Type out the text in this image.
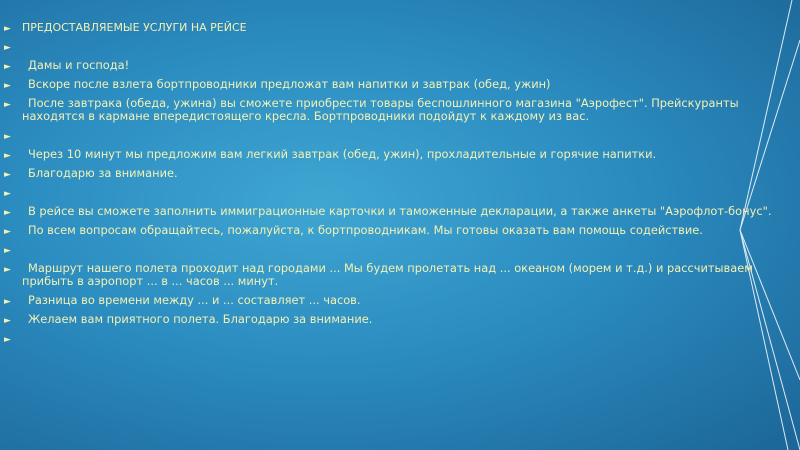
► ПРЕДОСТАВЛЯЕМЫЕ УСЛУГИ НА РЕЙСЕ
►
►	Дамы и господа!
►	Вскоре после взлета бортпроводники предложат вам напитки и завтрак (обед, ужин)
►	После завтрака (обеда, ужина) вы сможете приобрести товары беспошлинного магазина "Аэрофест". Прейскуранты находятся в кармане впередистоящего кресла. Бортпроводники подойдут к каждому из вас.
►
►	Через 10 минут мы предложим вам легкий завтрак (обед, ужин), прохладительные и горячие напитки.
►	Благодарю за внимание.
►
►	В рейсе вы сможете заполнить иммиграционные карточки и таможенные декларации, а также анкеты "Аэрофлот-бонус".
►	По всем вопросам обращайтесь, пожалуйста, к бортпроводникам. Мы готовы оказать вам помощь содействие.
►
►	Маршрут нашего полета проходит над городами ... Мы будем пролетать над ... океаном (морем и т.д.) и рассчитываем прибыть в аэропорт ... в ... часов ... минут.
►	Разница во времени между ... и ... составляет ... часов.
►	Желаем вам приятного полета. Благодарю за внимание.
►
